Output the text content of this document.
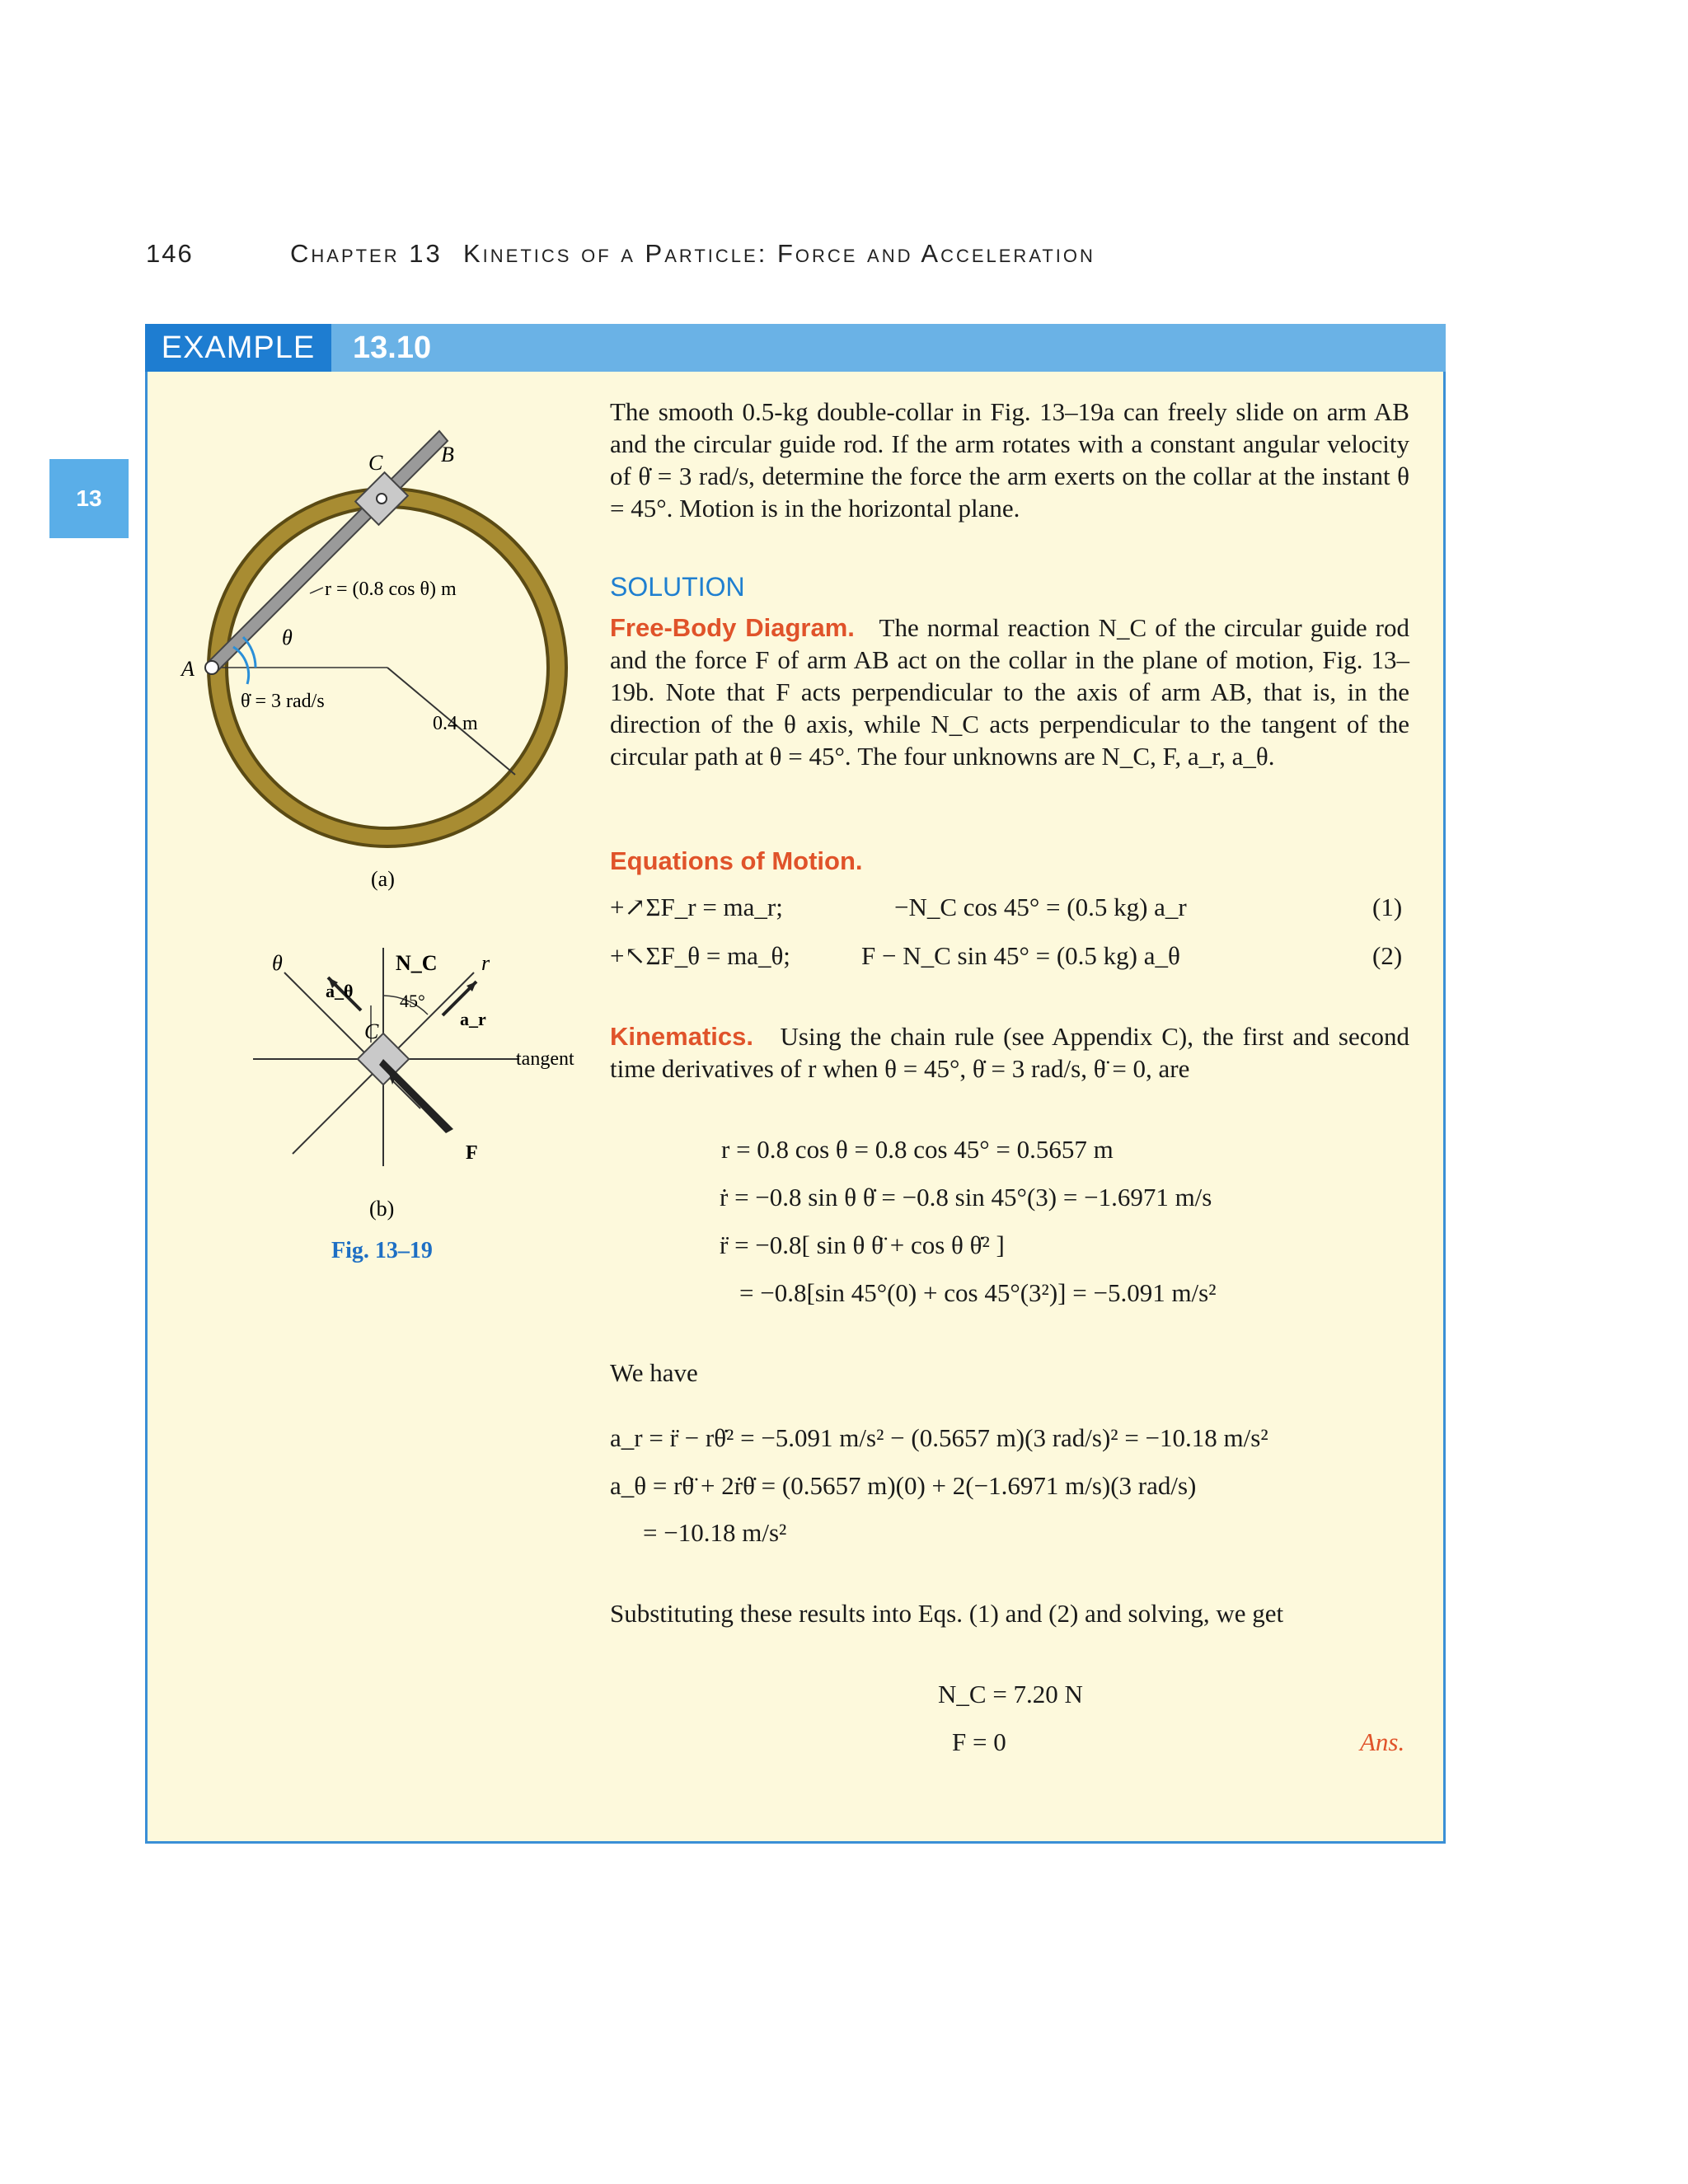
146	Chapter 13 Kinetics of a Particle: Force and Acceleration
13
EXAMPLE	13.10
B
C
A
θ
r = (0.8 cos θ) m
θ̇ = 3 rad/s
0.4 m
(a)
θ	N_C r
a_θ	45°
a_r
C
tangent
F
(b)
Fig. 13–19
The smooth 0.5-kg double-collar in Fig. 13–19a can freely slide on arm AB and the circular guide rod. If the arm rotates with a constant angular velocity of θ̇ = 3 rad/s, determine the force the arm exerts on the collar at the instant θ = 45°. Motion is in the horizontal plane.
SOLUTION
Free-Body Diagram. The normal reaction N_C of the circular guide rod and the force F of arm AB act on the collar in the plane of motion, Fig. 13–19b. Note that F acts perpendicular to the axis of arm AB, that is, in the direction of the θ axis, while N_C acts perpendicular to the tangent of the circular path at θ = 45°. The four unknowns are N_C, F, a_r, a_θ.
Equations of Motion.
+↗ΣF_r = ma_r;	−N_C cos 45° = (0.5 kg) a_r	(1)
+↖ΣF_θ = ma_θ;	F − N_C sin 45° = (0.5 kg) a_θ	(2)
Kinematics. Using the chain rule (see Appendix C), the first and second time derivatives of r when θ = 45°, θ̇ = 3 rad/s, θ̈ = 0, are
r = 0.8 cos θ = 0.8 cos 45° = 0.5657 m
ṙ = −0.8 sin θ θ̇ = −0.8 sin 45°(3) = −1.6971 m/s
r̈ = −0.8[ sin θ θ̈ + cos θ θ̇² ]
= −0.8[sin 45°(0) + cos 45°(3²)] = −5.091 m/s²
We have
a_r = r̈ − rθ̇² = −5.091 m/s² − (0.5657 m)(3 rad/s)² = −10.18 m/s²
a_θ = rθ̈ + 2ṙθ̇ = (0.5657 m)(0) + 2(−1.6971 m/s)(3 rad/s)
= −10.18 m/s²
Substituting these results into Eqs. (1) and (2) and solving, we get
N_C = 7.20 N
F = 0	Ans.
